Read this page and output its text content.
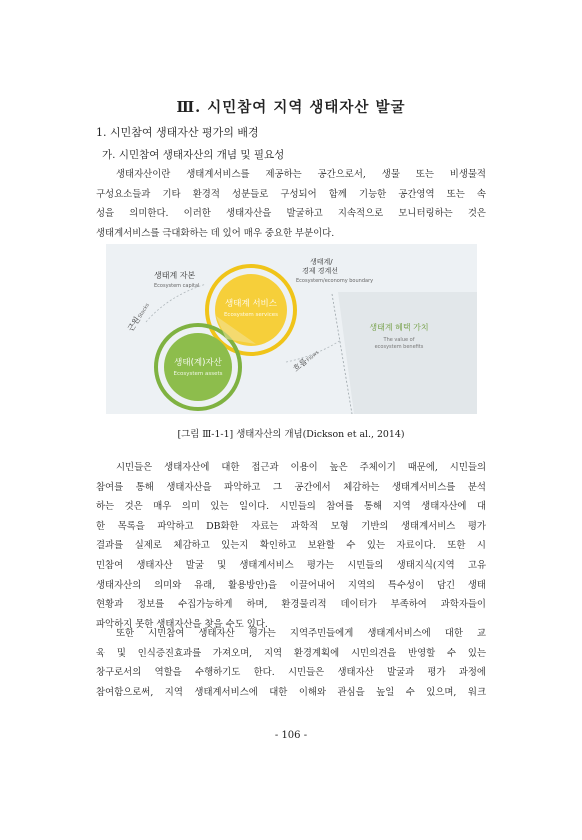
Ⅲ. 시민참여 지역 생태자산 발굴
1. 시민참여 생태자산 평가의 배경
가. 시민참여 생태자산의 개념 및 필요성
생태자산이란 생태계서비스를 제공하는 공간으로서, 생물 또는 비생물적
구성요소들과 기타 환경적 성분들로 구성되어 함께 기능한 공간영역 또는 속
성을 의미한다. 이러한 생태자산을 발굴하고 지속적으로 모니터링하는 것은
생태계서비스를 극대화하는 데 있어 매우 중요한 부분이다.
생태계 자본
Ecosystem capital
생태계/
경제 경계선
Ecosystem/economy boundary
생태계 서비스
Ecosystem services
생태(계)자산
Ecosystem assets
근원
Stocks
흐름
Flows
생태계 혜택 가치
The value of
ecosystem benefits
[그림 Ⅲ-1-1] 생태자산의 개념(Dickson et al., 2014)
시민들은 생태자산에 대한 접근과 이용이 높은 주체이기 때문에, 시민들의
참여를 통해 생태자산을 파악하고 그 공간에서 체감하는 생태계서비스를 분석
하는 것은 매우 의미 있는 일이다. 시민들의 참여를 통해 지역 생태자산에 대
한 목록을 파악하고 DB화한 자료는 과학적 모형 기반의 생태계서비스 평가
결과를 실제로 체감하고 있는지 확인하고 보완할 수 있는 자료이다. 또한 시
민참여 생태자산 발굴 및 생태계서비스 평가는 시민들의 생태지식(지역 고유
생태자산의 의미와 유래, 활용방안)을 이끌어내어 지역의 특수성이 담긴 생태
현황과 정보를 수집가능하게 하며, 환경물리적 데이터가 부족하여 과학자들이
파악하지 못한 생태자산을 찾을 수도 있다.
또한 시민참여 생태자산 평가는 지역주민들에게 생태계서비스에 대한 교
육 및 인식증진효과를 가져오며, 지역 환경계획에 시민의견을 반영할 수 있는
창구로서의 역할을 수행하기도 한다. 시민들은 생태자산 발굴과 평가 과정에
참여함으로써, 지역 생태계서비스에 대한 이해와 관심을 높일 수 있으며, 워크
- 106 -
